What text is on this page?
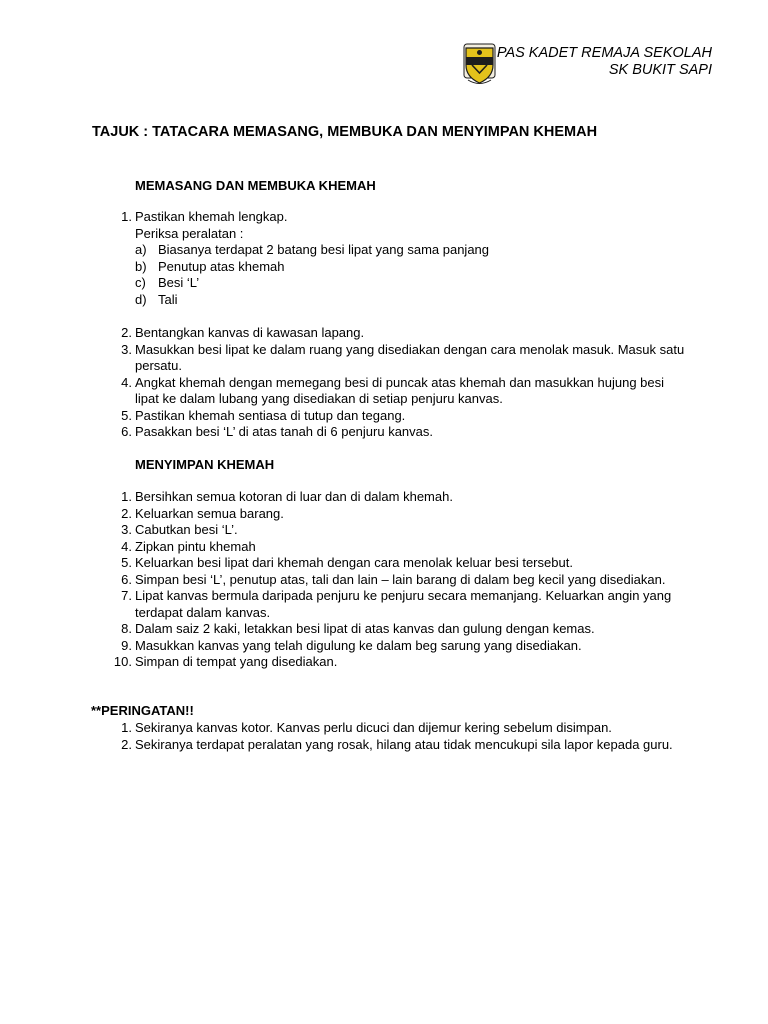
PAS KADET REMAJA SEKOLAH
SK BUKIT SAPI
TAJUK : TATACARA MEMASANG, MEMBUKA DAN MENYIMPAN KHEMAH
MEMASANG DAN MEMBUKA KHEMAH
1 . Pastikan khemah lengkap.
Periksa peralatan :
a )	Biasanya terdapat 2 batang besi lipat yang sama panjang
b )	Penutup atas khemah
c )	Besi ‘L’
d )	Tali
2 . Bentangkan kanvas di kawasan lapang.
3 . Masukkan besi lipat ke dalam ruang yang disediakan dengan cara menolak masuk. Masuk satu persatu.
4 . Angkat khemah dengan memegang besi di puncak atas khemah dan masukkan hujung besi lipat ke dalam lubang yang disediakan di setiap penjuru kanvas.
5 . Pastikan khemah sentiasa di tutup dan tegang.
6 . Pasakkan besi ‘L’ di atas tanah di 6 penjuru kanvas.
MENYIMPAN KHEMAH
1 . Bersihkan semua kotoran di luar dan di dalam khemah.
2 . Keluarkan semua barang.
3 . Cabutkan besi ‘L’.
4 . Zipkan pintu khemah
5 . Keluarkan besi lipat dari khemah dengan cara menolak keluar besi tersebut.
6 . Simpan besi ‘L’, penutup atas, tali dan lain – lain barang di dalam beg kecil yang disediakan.
7 . Lipat kanvas bermula daripada penjuru ke penjuru secara memanjang. Keluarkan angin yang terdapat dalam kanvas.
8 . Dalam saiz 2 kaki, letakkan besi lipat di atas kanvas dan gulung dengan kemas.
9 . Masukkan kanvas yang telah digulung ke dalam beg sarung yang disediakan.
10 . Simpan di tempat yang disediakan.
**PERINGATAN!!
1 . Sekiranya kanvas kotor. Kanvas perlu dicuci dan dijemur kering sebelum disimpan.
2 . Sekiranya terdapat peralatan yang rosak, hilang atau tidak mencukupi sila lapor kepada guru.
